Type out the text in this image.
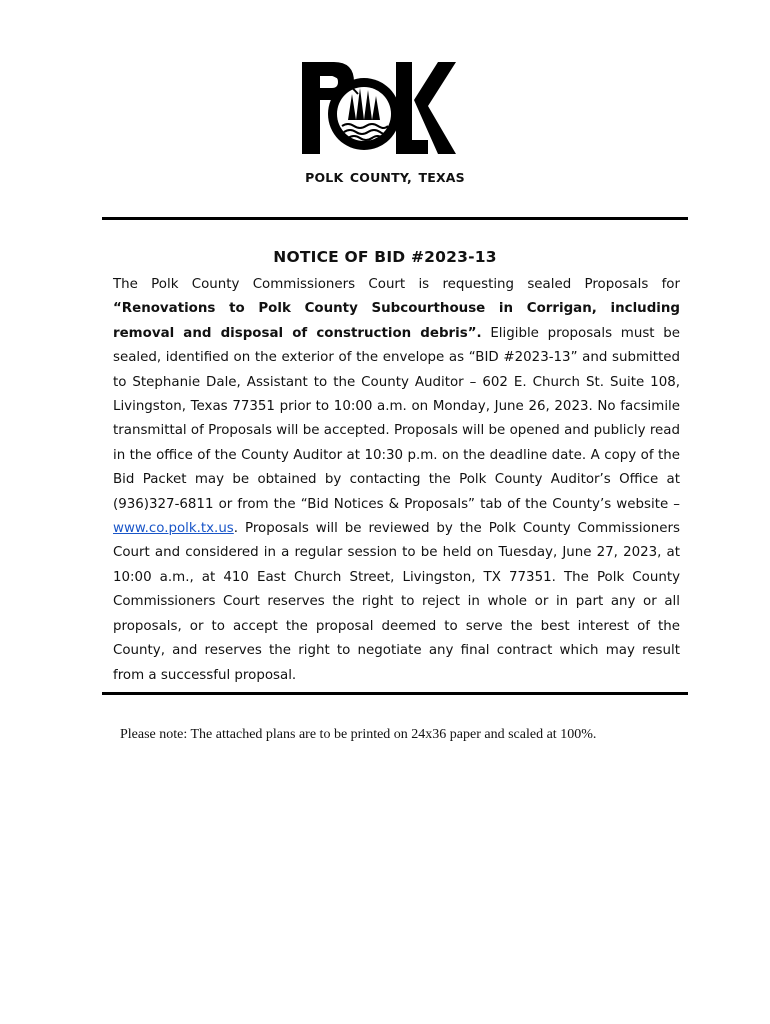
POLK COUNTY, TEXAS
NOTICE OF BID #2023-13
The Polk County Commissioners Court is requesting sealed Proposals for “Renovations to Polk County Subcourthouse in Corrigan, including removal and disposal of construction debris”. Eligible proposals must be sealed, identified on the exterior of the envelope as “BID #2023-13” and submitted to Stephanie Dale, Assistant to the County Auditor – 602 E. Church St. Suite 108, Livingston, Texas 77351 prior to 10:00 a.m. on Monday, June 26, 2023. No facsimile transmittal of Proposals will be accepted. Proposals will be opened and publicly read in the office of the County Auditor at 10:30 p.m. on the deadline date. A copy of the Bid Packet may be obtained by contacting the Polk County Auditor’s Office at (936)327-6811 or from the “Bid Notices & Proposals” tab of the County’s website – www.co.polk.tx.us. Proposals will be reviewed by the Polk County Commissioners Court and considered in a regular session to be held on Tuesday, June 27, 2023, at 10:00 a.m., at 410 East Church Street, Livingston, TX 77351. The Polk County Commissioners Court reserves the right to reject in whole or in part any or all proposals, or to accept the proposal deemed to serve the best interest of the County, and reserves the right to negotiate any final contract which may result from a successful proposal.
Please note: The attached plans are to be printed on 24x36 paper and scaled at 100%.
